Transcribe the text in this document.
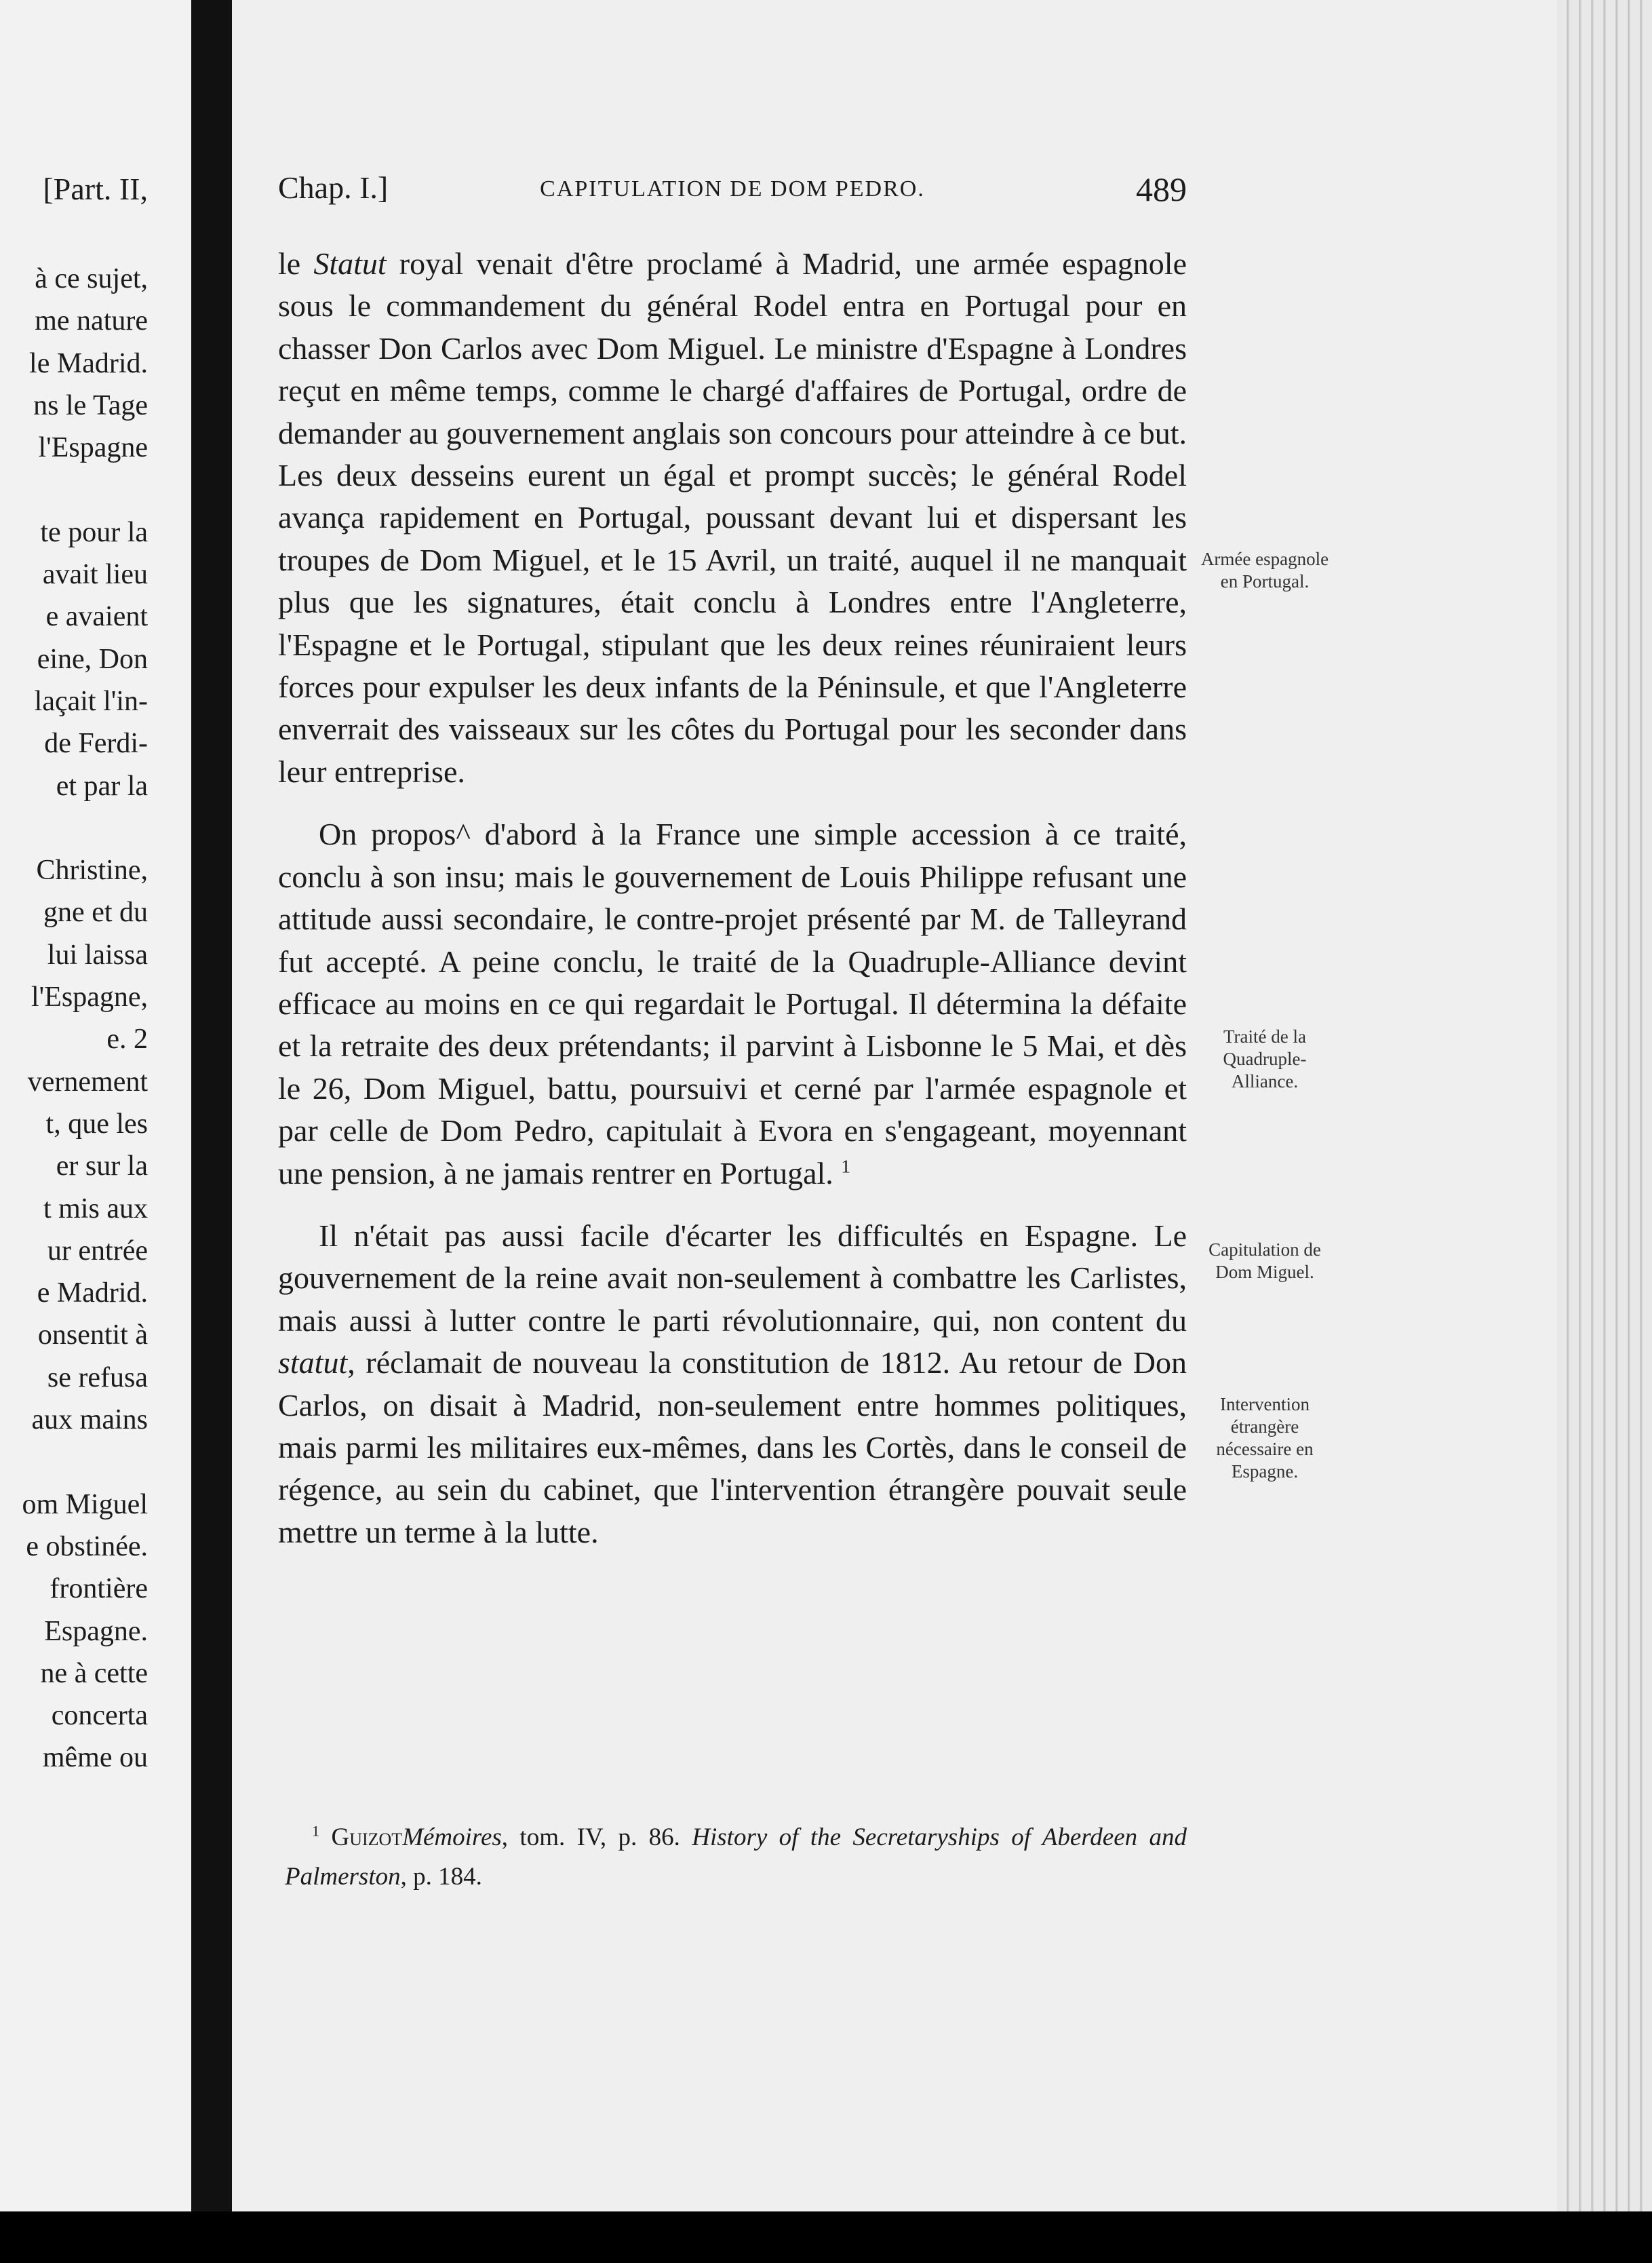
[Part. II,
à ce sujet,
me nature
le Madrid.
ns le Tage
l'Espagne
te pour la
avait lieu
e avaient
eine, Don
laçait l'in-
de Ferdi-
et par la
Christine,
gne et du
lui laissa
l'Espagne,
e. 2
vernement
t, que les
er sur la
t mis aux
ur entrée
e Madrid.
onsentit à
se refusa
aux mains
om Miguel
e obstinée.
frontière
Espagne.
ne à cette
concerta
même ou
Chap. I.]	CAPITULATION DE DOM PEDRO.	489

le Statut royal venait d'être proclamé à Madrid, une armée espagnole sous le commandement du général Rodel entra en Portugal pour en chasser Don Carlos avec Dom Miguel. Le ministre d'Espagne à Londres reçut en même temps, comme le chargé d'affaires de Portugal, ordre de demander au gouvernement anglais son concours pour atteindre à ce but. Les deux desseins eurent un égal et prompt succès; le général Rodel avança rapidement en Portugal, poussant devant lui et dispersant les troupes de Dom Miguel, et le 15 Avril, un traité, auquel il ne manquait plus que les signatures, était conclu à Londres entre l'Angleterre, l'Espagne et le Portugal, stipulant que les deux reines réuniraient leurs forces pour expulser les deux infants de la Péninsule, et que l'Angleterre enverrait des vaisseaux sur les côtes du Portugal pour les seconder dans leur entreprise.

On propos^ d'abord à la France une simple accession à ce traité, conclu à son insu; mais le gouvernement de Louis Philippe refusant une attitude aussi secondaire, le contre-projet présenté par M. de Talleyrand fut accepté. A peine conclu, le traité de la Quadruple-Alliance devint efficace au moins en ce qui regardait le Portugal. Il détermina la défaite et la retraite des deux prétendants; il parvint à Lisbonne le 5 Mai, et dès le 26, Dom Miguel, battu, poursuivi et cerné par l'armée espagnole et par celle de Dom Pedro, capitulait à Evora en s'engageant, moyennant une pension, à ne jamais rentrer en Portugal. $^1$

Il n'était pas aussi facile d'écarter les difficultés en Espagne. Le gouvernement de la reine avait non-seulement à combattre les Carlistes, mais aussi à lutter contre le parti révolutionnaire, qui, non content du statut, réclamait de nouveau la constitution de 1812. Au retour de Don Carlos, on disait à Madrid, non-seulement entre hommes politiques, mais parmi les militaires eux-mêmes, dans les Cortès, dans le conseil de régence, au sein du cabinet, que l'intervention étrangère pouvait seule mettre un terme à la lutte.

Armée espagnole en Portugal.
Traité de la Quadruple-Alliance.
Capitulation de Dom Miguel.
Intervention étrangère nécessaire en Espagne.

$^1$ GuizotMémoires, tom. IV, p. 86. History of the Secretaryships of Aberdeen and Palmerston, p. 184.
